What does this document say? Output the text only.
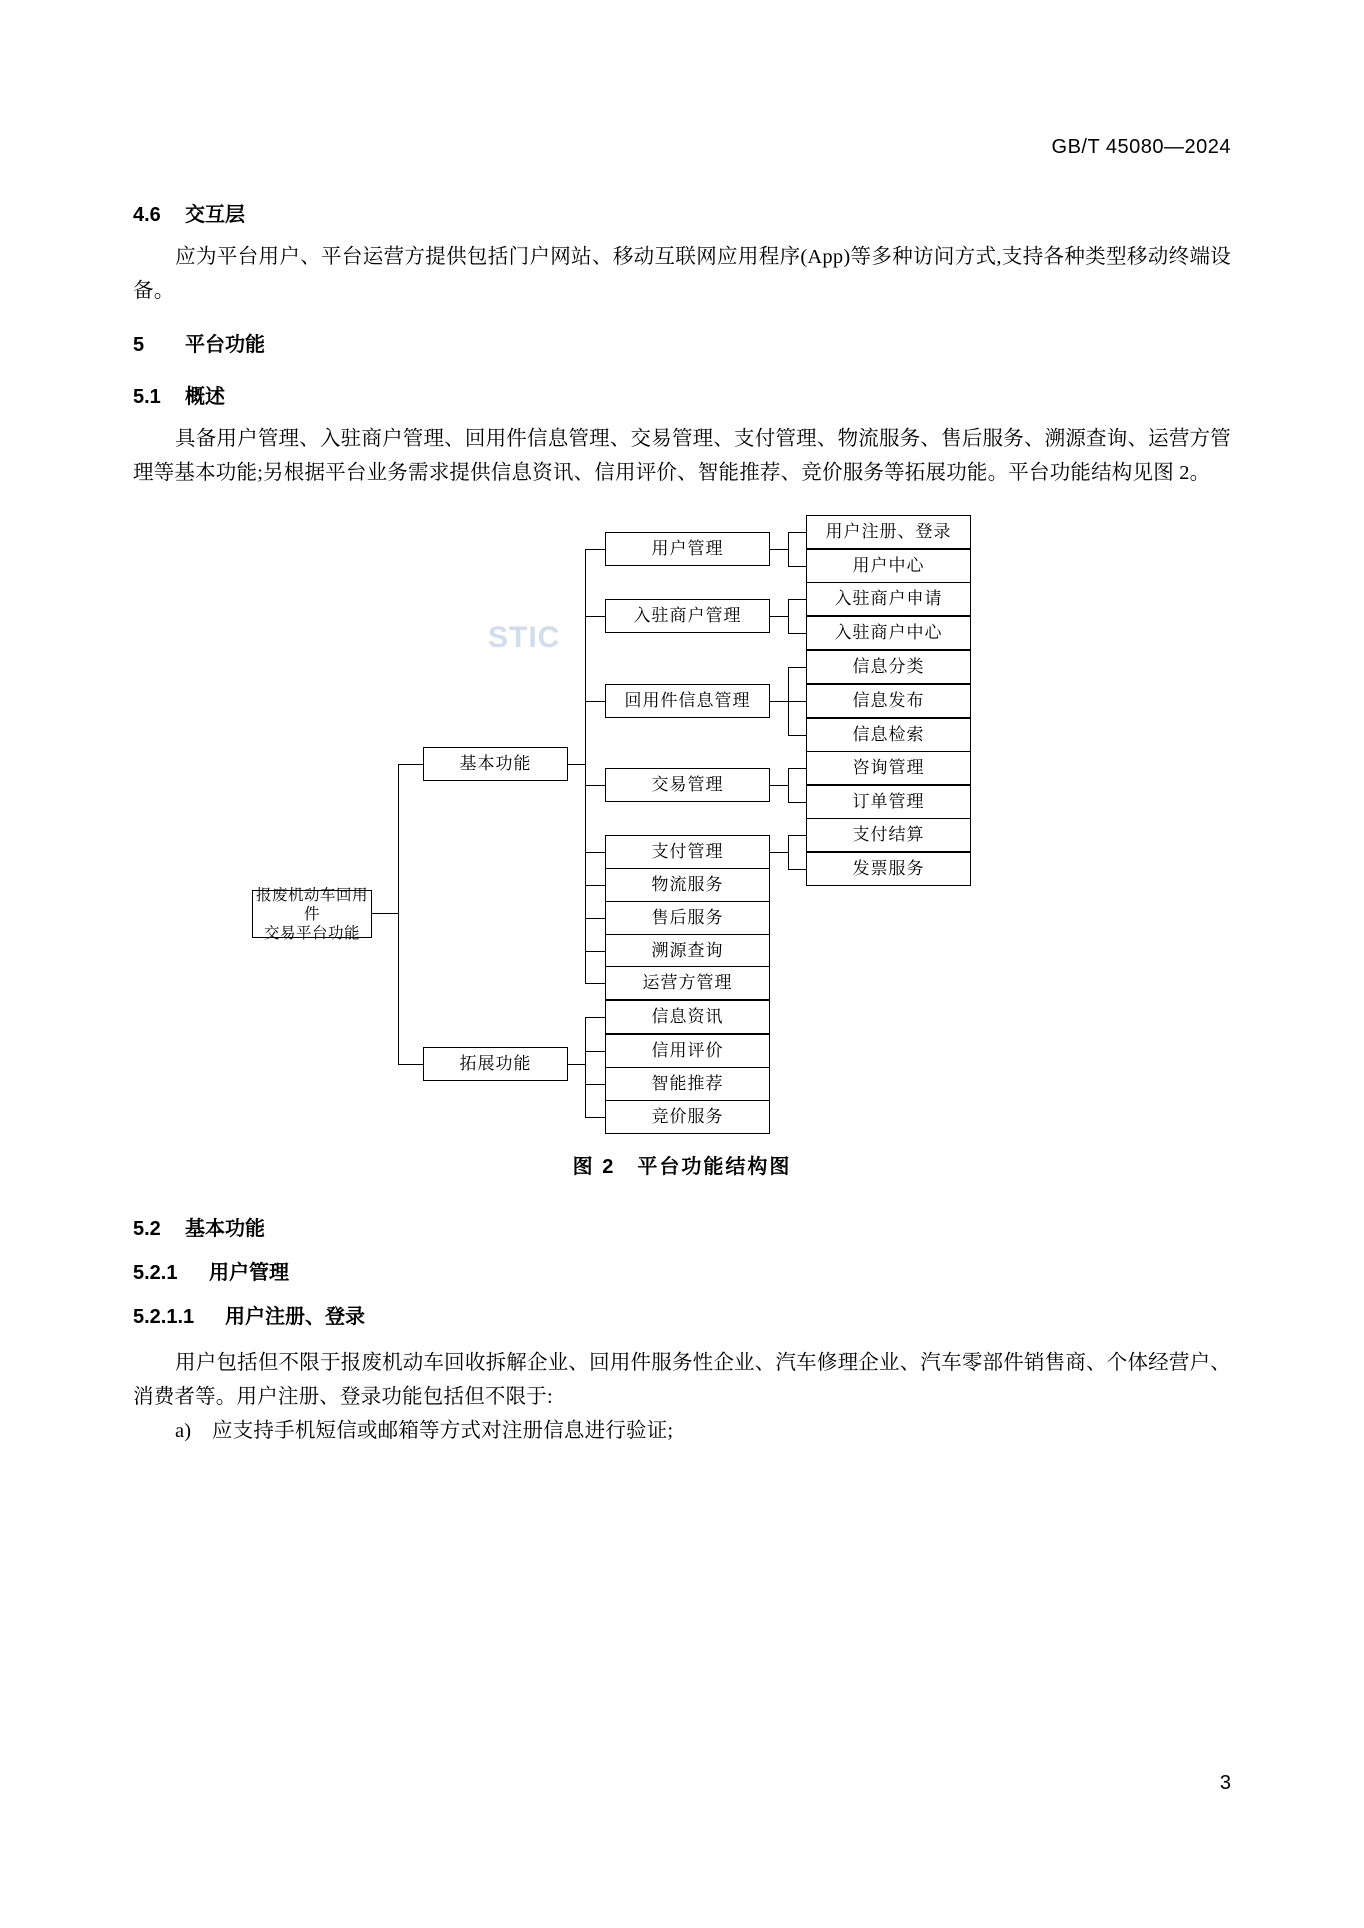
GB/T 45080—2024
4.6 交互层
应为平台用户、平台运营方提供包括门户网站、移动互联网应用程序(App)等多种访问方式,支持各种类型移动终端设备。
5 平台功能
5.1 概述
具备用户管理、入驻商户管理、回用件信息管理、交易管理、支付管理、物流服务、售后服务、溯源查询、运营方管理等基本功能;另根据平台业务需求提供信息资讯、信用评价、智能推荐、竞价服务等拓展功能。平台功能结构见图 2。
STIC
报废机动车回用件
交易平台功能
基本功能
拓展功能
用户管理
入驻商户管理
回用件信息管理
交易管理
支付管理
物流服务
售后服务
溯源查询
运营方管理
用户注册、登录
用户中心
入驻商户申请
入驻商户中心
信息分类
信息发布
信息检索
咨询管理
订单管理
支付结算
发票服务
信息资讯
信用评价
智能推荐
竞价服务
图 2　平台功能结构图
5.2 基本功能
5.2.1 用户管理
5.2.1.1 用户注册、登录
用户包括但不限于报废机动车回收拆解企业、回用件服务性企业、汽车修理企业、汽车零部件销售商、个体经营户、消费者等。用户注册、登录功能包括但不限于:
a)　应支持手机短信或邮箱等方式对注册信息进行验证;
3
